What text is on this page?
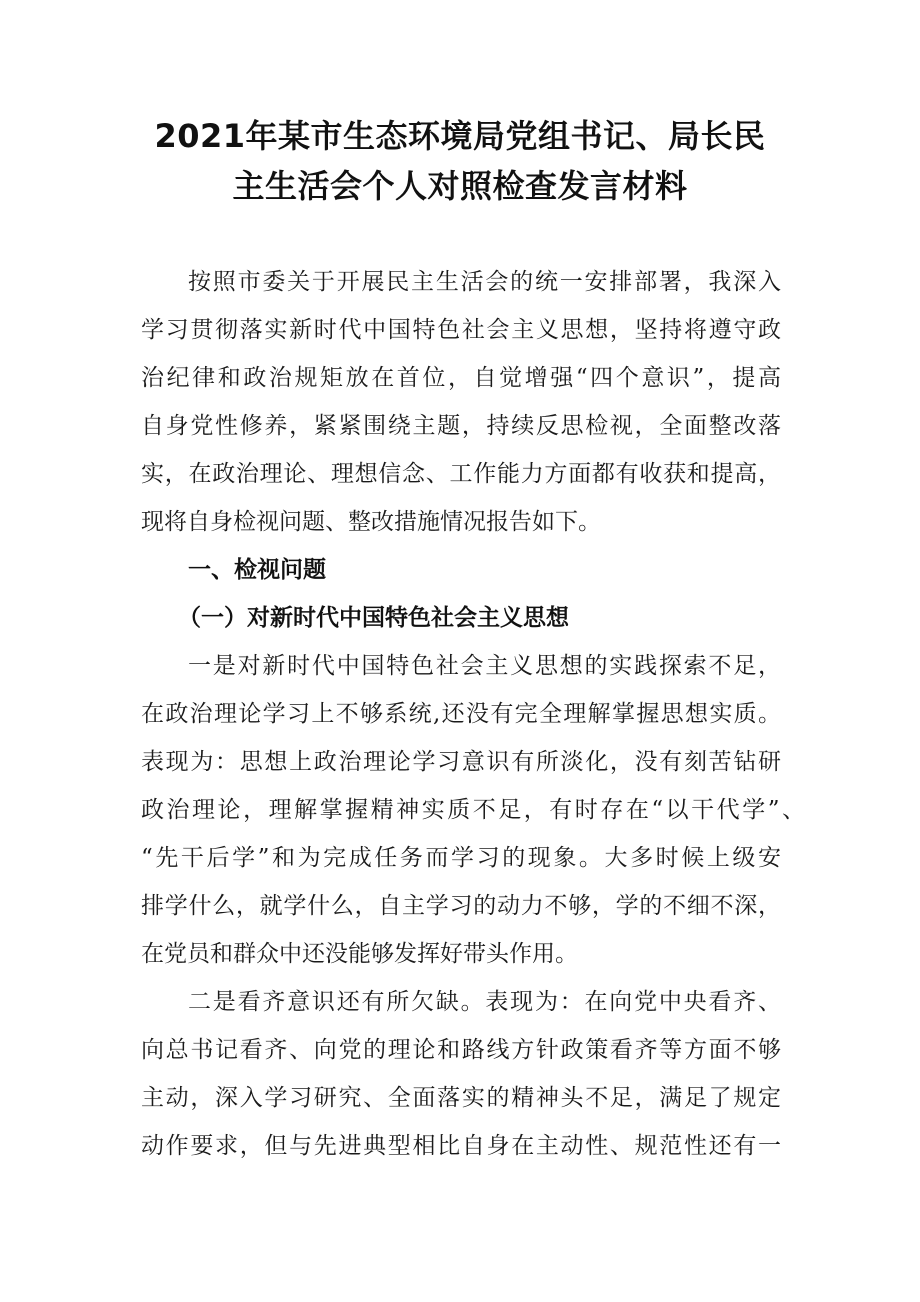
2021年某市生态环境局党组书记、局长民
主生活会个人对照检查发言材料
按照市委关于开展民主生活会的统一安排部署，我深入
学习贯彻落实新时代中国特色社会主义思想，坚持将遵守政
治纪律和政治规矩放在首位，自觉增强“四个意识”，提高
自身党性修养，紧紧围绕主题，持续反思检视，全面整改落
实，在政治理论、理想信念、工作能力方面都有收获和提高，
现将自身检视问题、整改措施情况报告如下。
一、检视问题
（一）对新时代中国特色社会主义思想
一是对新时代中国特色社会主义思想的实践探索不足，
在政治理论学习上不够系统,还没有完全理解掌握思想实质。
表现为：思想上政治理论学习意识有所淡化，没有刻苦钻研
政治理论，理解掌握精神实质不足，有时存在“以干代学”、
“先干后学”和为完成任务而学习的现象。大多时候上级安
排学什么，就学什么，自主学习的动力不够，学的不细不深，
在党员和群众中还没能够发挥好带头作用。
二是看齐意识还有所欠缺。表现为：在向党中央看齐、
向总书记看齐、向党的理论和路线方针政策看齐等方面不够
主动，深入学习研究、全面落实的精神头不足，满足了规定
动作要求，但与先进典型相比自身在主动性、规范性还有一
